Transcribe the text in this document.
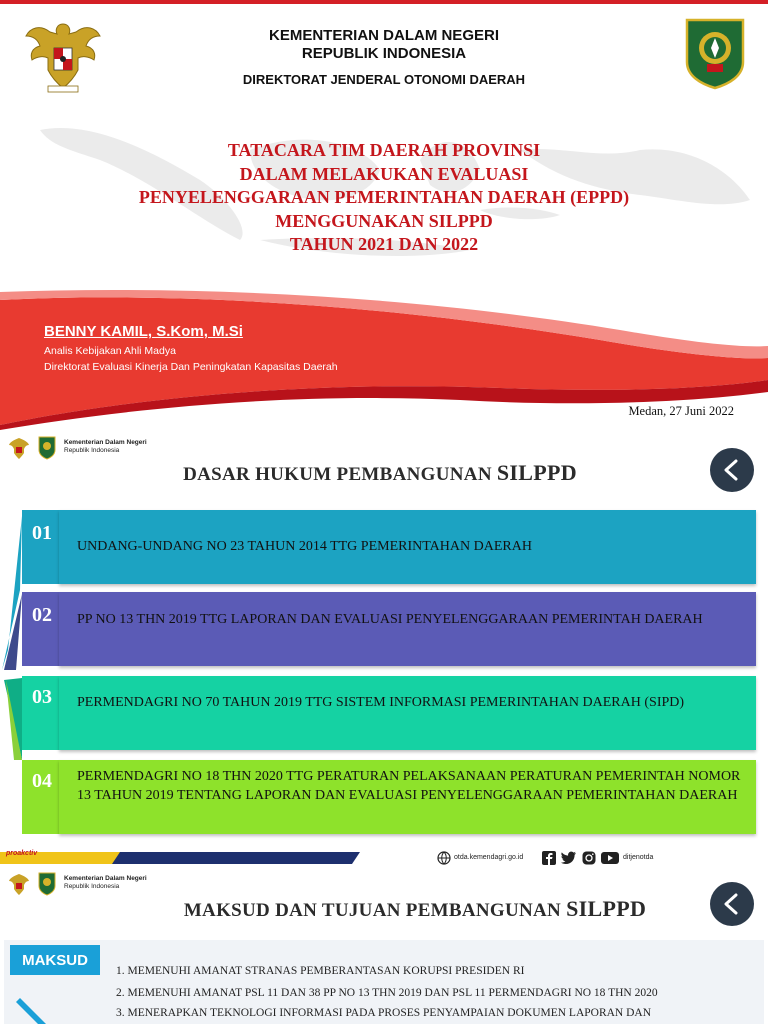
KEMENTERIAN DALAM NEGERI
REPUBLIK INDONESIA
DIREKTORAT JENDERAL OTONOMI DAERAH
TATACARA TIM DAERAH PROVINSI
DALAM MELAKUKAN EVALUASI
PENYELENGGARAAN PEMERINTAHAN DAERAH (EPPD)
MENGGUNAKAN SILPPD
TAHUN 2021 DAN 2022
BENNY KAMIL, S.Kom, M.Si
Analis Kebijakan Ahli Madya
Direktorat Evaluasi Kinerja Dan Peningkatan Kapasitas Daerah
Medan, 27 Juni 2022
Kementerian Dalam Negeri
Republik Indonesia
DASAR HUKUM PEMBANGUNAN SILPPD
01
UNDANG-UNDANG NO 23 TAHUN 2014 TTG PEMERINTAHAN DAERAH
02 PP NO 13 THN 2019 TTG LAPORAN DAN EVALUASI PENYELENGGARAAN PEMERINTAH DAERAH
03 PERMENDAGRI NO 70 TAHUN 2019 TTG SISTEM INFORMASI PEMERINTAHAN DAERAH (SIPD)
04 PERMENDAGRI NO 18 THN 2020 TTG PERATURAN PELAKSANAAN PERATURAN PEMERINTAH NOMOR 13 TAHUN 2019 TENTANG LAPORAN DAN EVALUASI PENYELENGGARAAN PEMERINTAHAN DAERAH
proakctiv
otda.kemendagri.go.id	ditjenotda
Kementerian Dalam Negeri
Republik Indonesia
MAKSUD DAN TUJUAN PEMBANGUNAN SILPPD
MAKSUD
1. MEMENUHI AMANAT STRANAS PEMBERANTASAN KORUPSI PRESIDEN RI
2. MEMENUHI AMANAT PSL 11 DAN 38 PP NO 13 THN 2019 DAN PSL 11 PERMENDAGRI NO 18 THN 2020
3. MENERAPKAN TEKNOLOGI INFORMASI PADA PROSES PENYAMPAIAN DOKUMEN LAPORAN DAN
